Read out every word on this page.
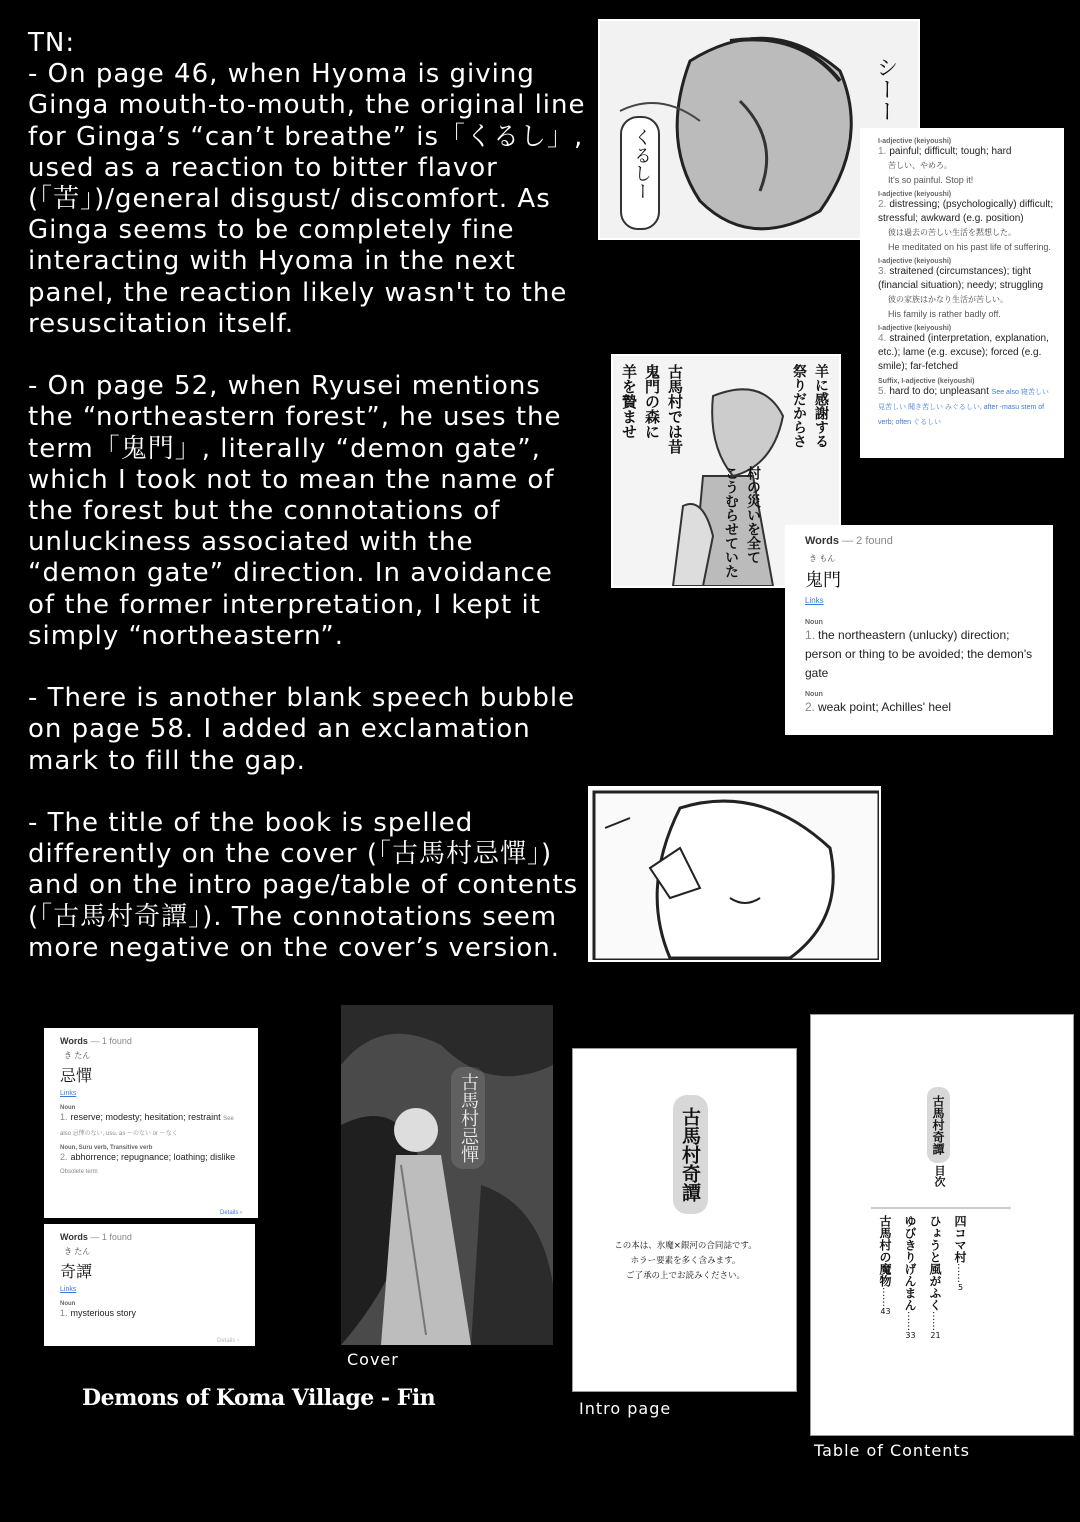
TN:
- On page 46, when Hyoma is giving Ginga mouth-to-mouth, the original line for Ginga’s “can’t breathe” is「くるし」, used as a reaction to bitter flavor (「苦」)/general disgust/ discomfort. As Ginga seems to be completely fine interacting with Hyoma in the next panel, the reaction likely wasn't to the resuscitation itself.

- On page 52, when Ryusei mentions the “northeastern forest”, he uses the term「鬼門」, literally “demon gate”, which I took not to mean the name of the forest but the connotations of unluckiness associated with the “demon gate” direction. In avoidance of the former interpretation, I kept it simply “northeastern”.

- There is another blank speech bubble on page 58. I added an exclamation mark to fill the gap.

- The title of the book is spelled differently on the cover (「古馬村忌憚」) and on the intro page/table of contents (「古馬村奇譚」). The connotations seem more negative on the cover’s version.
くるしー
シーー
I-adjective (keiyoushi)
1. painful; difficult; tough; hard
苦しい、やめろ。
It's so painful. Stop it!
I-adjective (keiyoushi)
2. distressing; (psychologically) difficult; stressful; awkward (e.g. position)
彼は過去の苦しい生活を黙想した。
He meditated on his past life of suffering.
I-adjective (keiyoushi)
3. straitened (circumstances); tight (financial situation); needy; struggling
彼の家族はかなり生活が苦しい。
His family is rather badly off.
I-adjective (keiyoushi)
4. strained (interpretation, explanation, etc.); lame (e.g. excuse); forced (e.g. smile); far-fetched
Suffix, I-adjective (keiyoushi)
5. hard to do; unpleasant See also 寝苦しい 見苦しい 聞き苦しい みぐるしい, after -masu stem of verb; often ぐるしい
古馬村では昔
鬼門の森に
羊を贄ませ
村の災いを全て
こうむらせていた
羊に感謝する
祭りだからさ
Words — 2 found
き もん
鬼門
Links
Noun
1. the northeastern (unlucky) direction; person or thing to be avoided; the demon's gate
Noun
2. weak point; Achilles' heel
Words — 1 found
き たん
忌憚
Links
Noun
1. reserve; modesty; hesitation; restraint See also 忌憚のない, usu. as ～のない or ～なく
Noun, Suru verb, Transitive verb
2. abhorrence; repugnance; loathing; dislike Obsolete term
Details ›
Words — 1 found
き たん
奇譚
Links
Noun
1. mysterious story
Details ›
古馬村忌憚
Cover
古馬村奇譚
この本は、氷魔×銀河の合同誌です。
ホラー要素を多く含みます。
ご了承の上でお読みください。
Intro page
古馬村奇譚
目次
四コマ村
……
5
ひょうと風がふく
……
21
ゆびきりげんまん
……
33
古馬村の魔物
……
43
Table of Contents
Demons of Koma Village - Fin
